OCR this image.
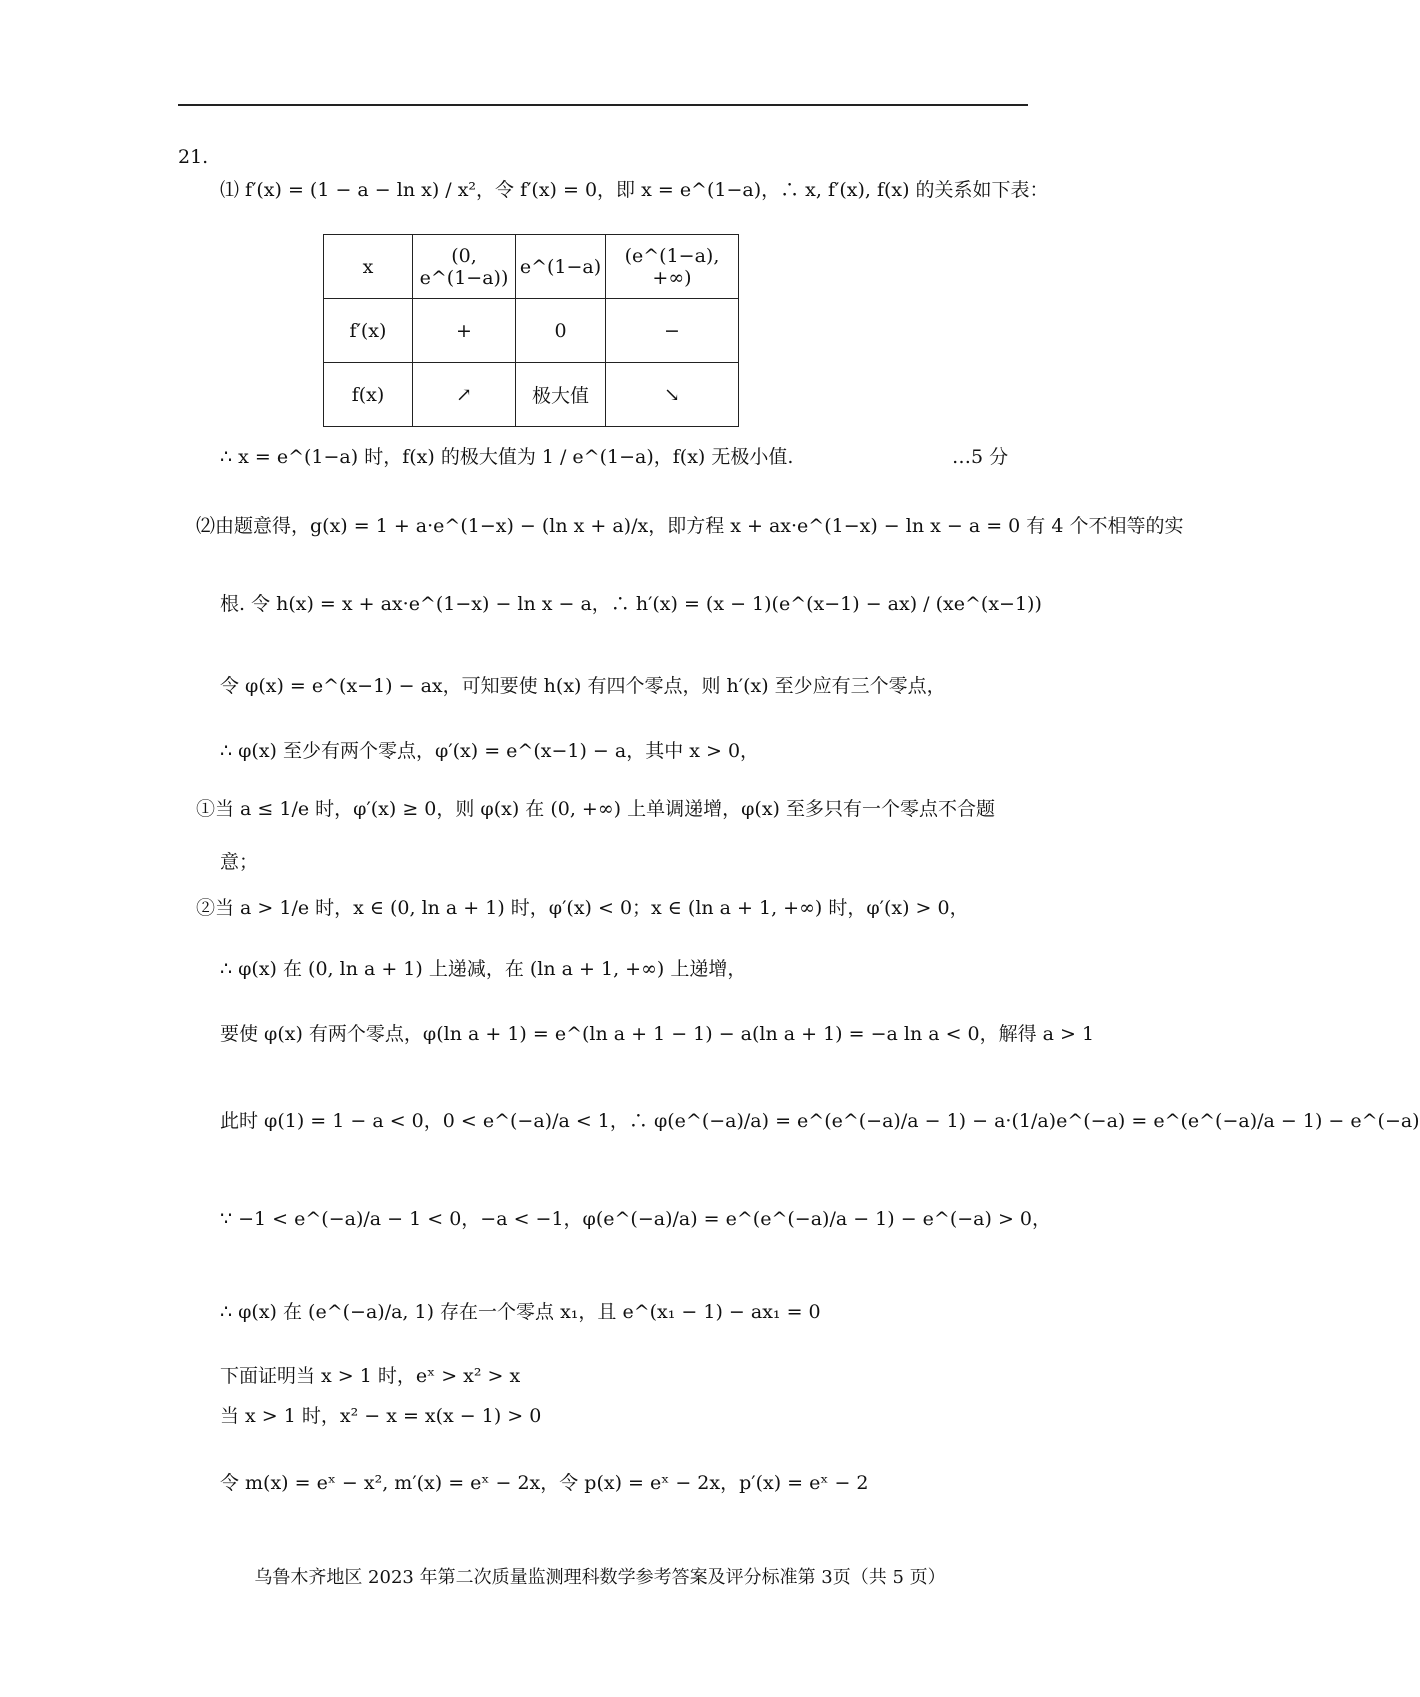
21.
⑴ f′(x) = (1 − a − ln x) / x²，令 f′(x) = 0，即 x = e^(1−a)，∴ x, f′(x), f(x) 的关系如下表：
x	(0, e^(1−a))	e^(1−a)	(e^(1−a), +∞)
f′(x)	+	0	−
f(x)	↗	极大值	↘
∴ x = e^(1−a) 时，f(x) 的极大值为 1 / e^(1−a)，f(x) 无极小值.	…5 分
⑵由题意得，g(x) = 1 + a·e^(1−x) − (ln x + a)/x，即方程 x + ax·e^(1−x) − ln x − a = 0 有 4 个不相等的实
根. 令 h(x) = x + ax·e^(1−x) − ln x − a，∴ h′(x) = (x − 1)(e^(x−1) − ax) / (xe^(x−1))
令 φ(x) = e^(x−1) − ax，可知要使 h(x) 有四个零点，则 h′(x) 至少应有三个零点，
∴ φ(x) 至少有两个零点，φ′(x) = e^(x−1) − a，其中 x > 0，
①当 a ≤ 1/e 时，φ′(x) ≥ 0，则 φ(x) 在 (0, +∞) 上单调递增，φ(x) 至多只有一个零点不合题
意；
②当 a > 1/e 时，x ∈ (0, ln a + 1) 时，φ′(x) < 0；x ∈ (ln a + 1, +∞) 时，φ′(x) > 0，
∴ φ(x) 在 (0, ln a + 1) 上递减，在 (ln a + 1, +∞) 上递增，
要使 φ(x) 有两个零点，φ(ln a + 1) = e^(ln a + 1 − 1) − a(ln a + 1) = −a ln a < 0，解得 a > 1
此时 φ(1) = 1 − a < 0，0 < e^(−a)/a < 1，∴ φ(e^(−a)/a) = e^(e^(−a)/a − 1) − a·(1/a)e^(−a) = e^(e^(−a)/a − 1) − e^(−a)
∵ −1 < e^(−a)/a − 1 < 0，−a < −1，φ(e^(−a)/a) = e^(e^(−a)/a − 1) − e^(−a) > 0，
∴ φ(x) 在 (e^(−a)/a, 1) 存在一个零点 x₁，且 e^(x₁ − 1) − ax₁ = 0
下面证明当 x > 1 时，eˣ > x² > x
当 x > 1 时，x² − x = x(x − 1) > 0
令 m(x) = eˣ − x², m′(x) = eˣ − 2x，令 p(x) = eˣ − 2x，p′(x) = eˣ − 2
乌鲁木齐地区 2023 年第二次质量监测理科数学参考答案及评分标准第 3页（共 5 页）
